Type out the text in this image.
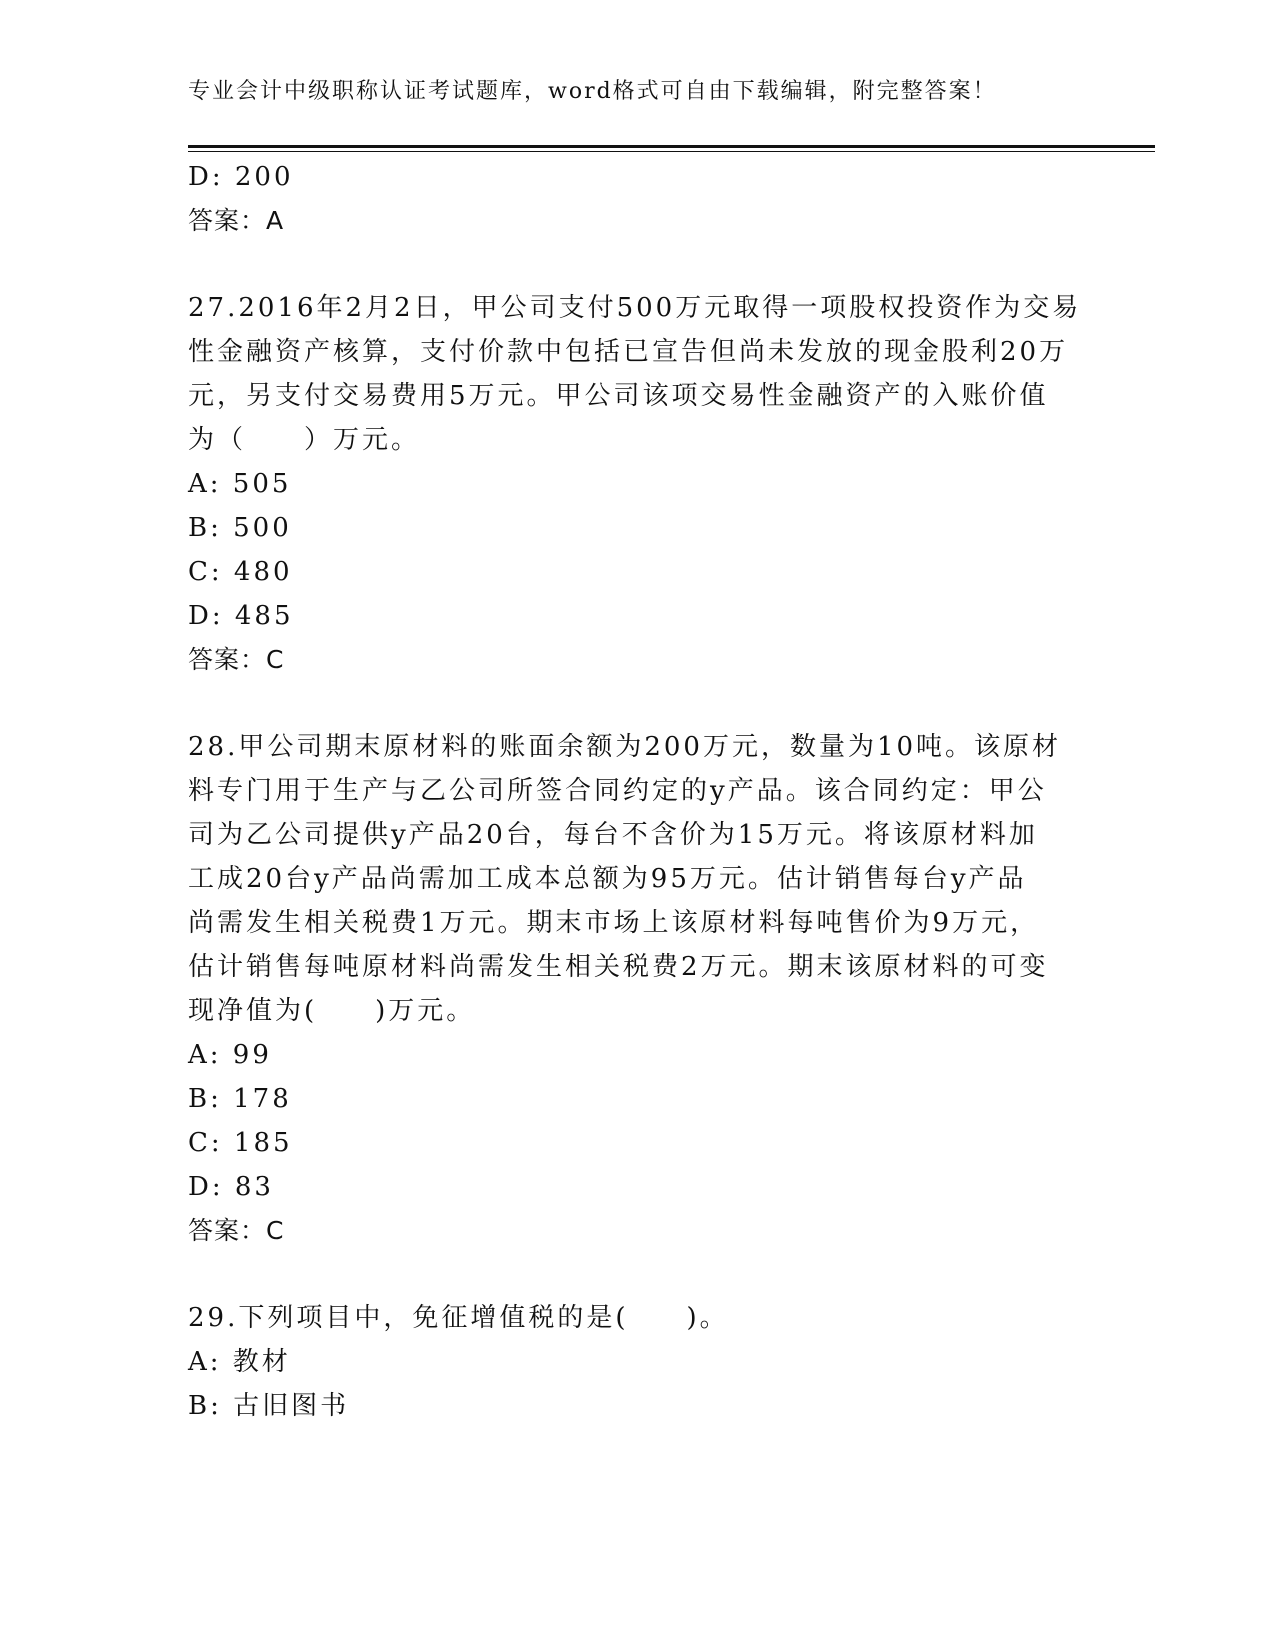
专业会计中级职称认证考试题库，word格式可自由下载编辑，附完整答案！
D: 200
答案：A
27.2016年2月2日，甲公司支付500万元取得一项股权投资作为交易
性金融资产核算，支付价款中包括已宣告但尚未发放的现金股利20万
元，另支付交易费用5万元。甲公司该项交易性金融资产的入账价值
为（　　）万元。
A: 505
B: 500
C: 480
D: 485
答案：C
28.甲公司期末原材料的账面余额为200万元，数量为10吨。该原材
料专门用于生产与乙公司所签合同约定的y产品。该合同约定：甲公
司为乙公司提供y产品20台，每台不含价为15万元。将该原材料加
工成20台y产品尚需加工成本总额为95万元。估计销售每台y产品
尚需发生相关税费1万元。期末市场上该原材料每吨售价为9万元，
估计销售每吨原材料尚需发生相关税费2万元。期末该原材料的可变
现净值为(　　)万元。
A: 99
B: 178
C: 185
D: 83
答案：C
29.下列项目中，免征增值税的是(　　)。
A: 教材
B: 古旧图书
